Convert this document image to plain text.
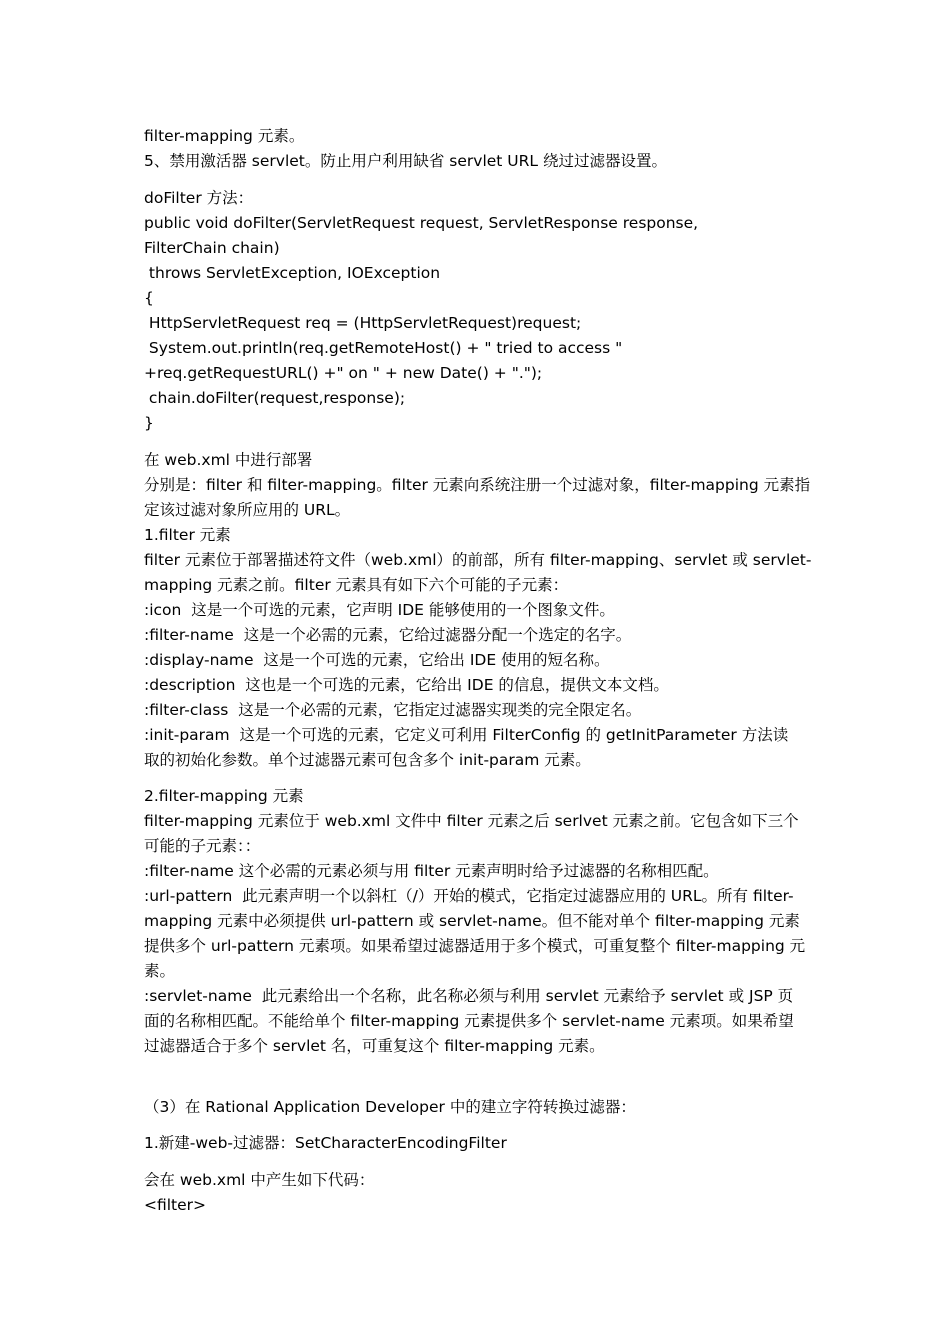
filter-mapping 元素。

5、禁用激活器 servlet。防止用户利用缺省 servlet URL 绕过过滤器设置。

doFilter 方法：

public void doFilter(ServletRequest request, ServletResponse response,

FilterChain chain)

throws ServletException, IOException

{

HttpServletRequest req = (HttpServletRequest)request;

System.out.println(req.getRemoteHost() + " tried to access "

+req.getRequestURL() +" on " + new Date() + ".");

chain.doFilter(request,response);

}

在 web.xml 中进行部署

分别是：filter 和 filter-mapping。filter 元素向系统注册一个过滤对象，filter-mapping 元素指

定该过滤对象所应用的 URL。

1.filter 元素

filter 元素位于部署描述符文件（web.xml）的前部，所有 filter-mapping、servlet 或 servlet-

mapping 元素之前。filter 元素具有如下六个可能的子元素：

:icon  这是一个可选的元素，它声明 IDE 能够使用的一个图象文件。

:filter-name  这是一个必需的元素，它给过滤器分配一个选定的名字。

:display-name  这是一个可选的元素，它给出 IDE 使用的短名称。

:description  这也是一个可选的元素，它给出 IDE 的信息，提供文本文档。

:filter-class  这是一个必需的元素，它指定过滤器实现类的完全限定名。

:init-param  这是一个可选的元素，它定义可利用 FilterConfig 的 getInitParameter 方法读

取的初始化参数。单个过滤器元素可包含多个 init-param 元素。

2.filter-mapping 元素

filter-mapping 元素位于 web.xml 文件中 filter 元素之后 serlvet 元素之前。它包含如下三个

可能的子元素：：

:filter-name 这个必需的元素必须与用 filter 元素声明时给予过滤器的名称相匹配。

:url-pattern  此元素声明一个以斜杠（/）开始的模式，它指定过滤器应用的 URL。所有 filter-

mapping 元素中必须提供 url-pattern 或 servlet-name。但不能对单个 filter-mapping 元素

提供多个 url-pattern 元素项。如果希望过滤器适用于多个模式，可重复整个 filter-mapping 元

素。

:servlet-name  此元素给出一个名称，此名称必须与利用 servlet 元素给予 servlet 或 JSP 页

面的名称相匹配。不能给单个 filter-mapping 元素提供多个 servlet-name 元素项。如果希望

过滤器适合于多个 servlet 名，可重复这个 filter-mapping 元素。

（3）在 Rational Application Developer 中的建立字符转换过滤器：

1.新建-web-过滤器：SetCharacterEncodingFilter

会在 web.xml 中产生如下代码：

<filter>
